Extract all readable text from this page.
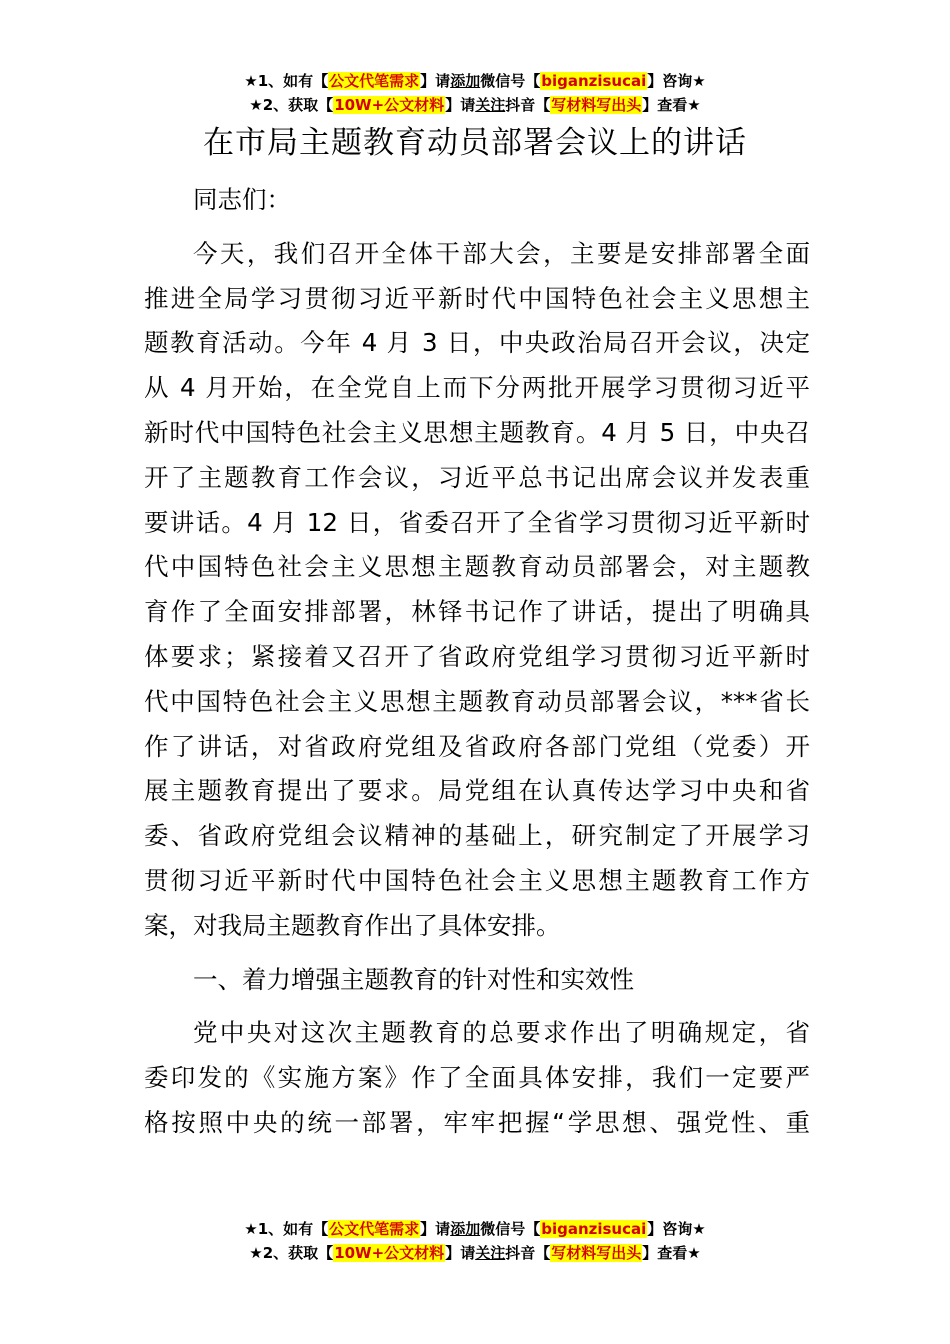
★1、如有【公文代笔需求】请添加微信号【biganzisucai】咨询★
★2、获取【10W+公文材料】请关注抖音【写材料写出头】查看★
在市局主题教育动员部署会议上的讲话

同志们：

今天，我们召开全体干部大会，主要是安排部署全面
推进全局学习贯彻习近平新时代中国特色社会主义思想主
题教育活动。今年 4 月 3 日，中央政治局召开会议，决定
从 4 月开始，在全党自上而下分两批开展学习贯彻习近平
新时代中国特色社会主义思想主题教育。4 月 5 日，中央召
开了主题教育工作会议，习近平总书记出席会议并发表重
要讲话。4 月 12 日，省委召开了全省学习贯彻习近平新时
代中国特色社会主义思想主题教育动员部署会，对主题教
育作了全面安排部署，林铎书记作了讲话，提出了明确具
体要求；紧接着又召开了省政府党组学习贯彻习近平新时
代中国特色社会主义思想主题教育动员部署会议，***省长
作了讲话，对省政府党组及省政府各部门党组（党委）开
展主题教育提出了要求。局党组在认真传达学习中央和省
委、省政府党组会议精神的基础上，研究制定了开展学习
贯彻习近平新时代中国特色社会主义思想主题教育工作方
案，对我局主题教育作出了具体安排。
一、着力增强主题教育的针对性和实效性
党中央对这次主题教育的总要求作出了明确规定，省
委印发的《实施方案》作了全面具体安排，我们一定要严
格按照中央的统一部署，牢牢把握“学思想、强党性、重
★1、如有【公文代笔需求】请添加微信号【biganzisucai】咨询★
★2、获取【10W+公文材料】请关注抖音【写材料写出头】查看★
